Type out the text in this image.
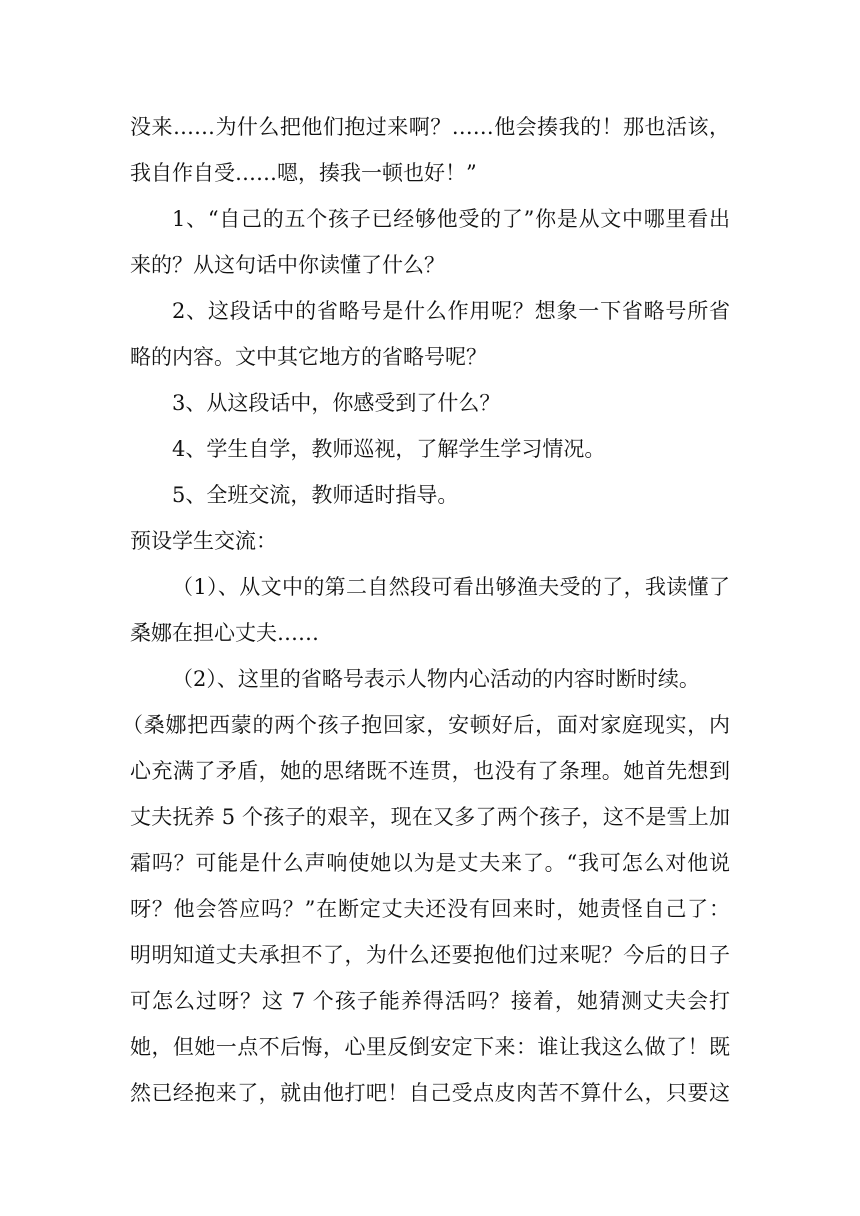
没来……为什么把他们抱过来啊？……他会揍我的！那也活该，
我自作自受……嗯，揍我一顿也好！”
1、“自己的五个孩子已经够他受的了”你是从文中哪里看出
来的？从这句话中你读懂了什么？
2、这段话中的省略号是什么作用呢？想象一下省略号所省
略的内容。文中其它地方的省略号呢？
3、从这段话中，你感受到了什么？
4、学生自学，教师巡视，了解学生学习情况。
5、全班交流，教师适时指导。
预设学生交流：
（1）、从文中的第二自然段可看出够渔夫受的了，我读懂了
桑娜在担心丈夫……
（2）、这里的省略号表示人物内心活动的内容时断时续。
（桑娜把西蒙的两个孩子抱回家，安顿好后，面对家庭现实，内
心充满了矛盾，她的思绪既不连贯，也没有了条理。她首先想到
丈夫抚养 5 个孩子的艰辛，现在又多了两个孩子，这不是雪上加
霜吗？可能是什么声响使她以为是丈夫来了。“我可怎么对他说
呀？他会答应吗？”在断定丈夫还没有回来时，她责怪自己了：
明明知道丈夫承担不了，为什么还要抱他们过来呢？今后的日子
可怎么过呀？这 7 个孩子能养得活吗？接着，她猜测丈夫会打
她，但她一点不后悔，心里反倒安定下来：谁让我这么做了！既
然已经抱来了，就由他打吧！自己受点皮肉苦不算什么，只要这
